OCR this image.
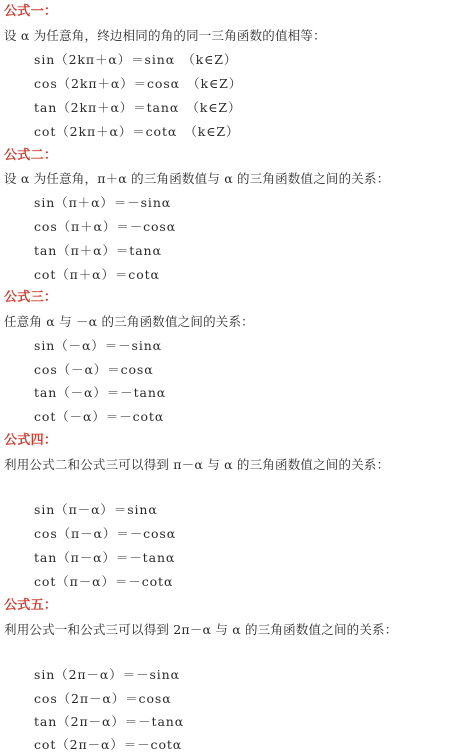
公式一：
设 α 为任意角，终边相同的角的同一三角函数的值相等：
sin（2kπ＋α）＝sinα　（k∈Z）
cos（2kπ＋α）＝cosα　（k∈Z）
tan（2kπ＋α）＝tanα　（k∈Z）
cot（2kπ＋α）＝cotα　（k∈Z）
公式二：
设 α 为任意角，π＋α 的三角函数值与 α 的三角函数值之间的关系：
sin（π＋α）＝－sinα
cos（π＋α）＝－cosα
tan（π＋α）＝tanα
cot（π＋α）＝cotα
公式三：
任意角 α 与 －α 的三角函数值之间的关系：
sin（－α）＝－sinα
cos（－α）＝cosα
tan（－α）＝－tanα
cot（－α）＝－cotα
公式四：
利用公式二和公式三可以得到 π－α 与 α 的三角函数值之间的关系：
sin（π－α）＝sinα
cos（π－α）＝－cosα
tan（π－α）＝－tanα
cot（π－α）＝－cotα
公式五：
利用公式一和公式三可以得到 2π－α 与 α 的三角函数值之间的关系：
sin（2π－α）＝－sinα
cos（2π－α）＝cosα
tan（2π－α）＝－tanα
cot（2π－α）＝－cotα
